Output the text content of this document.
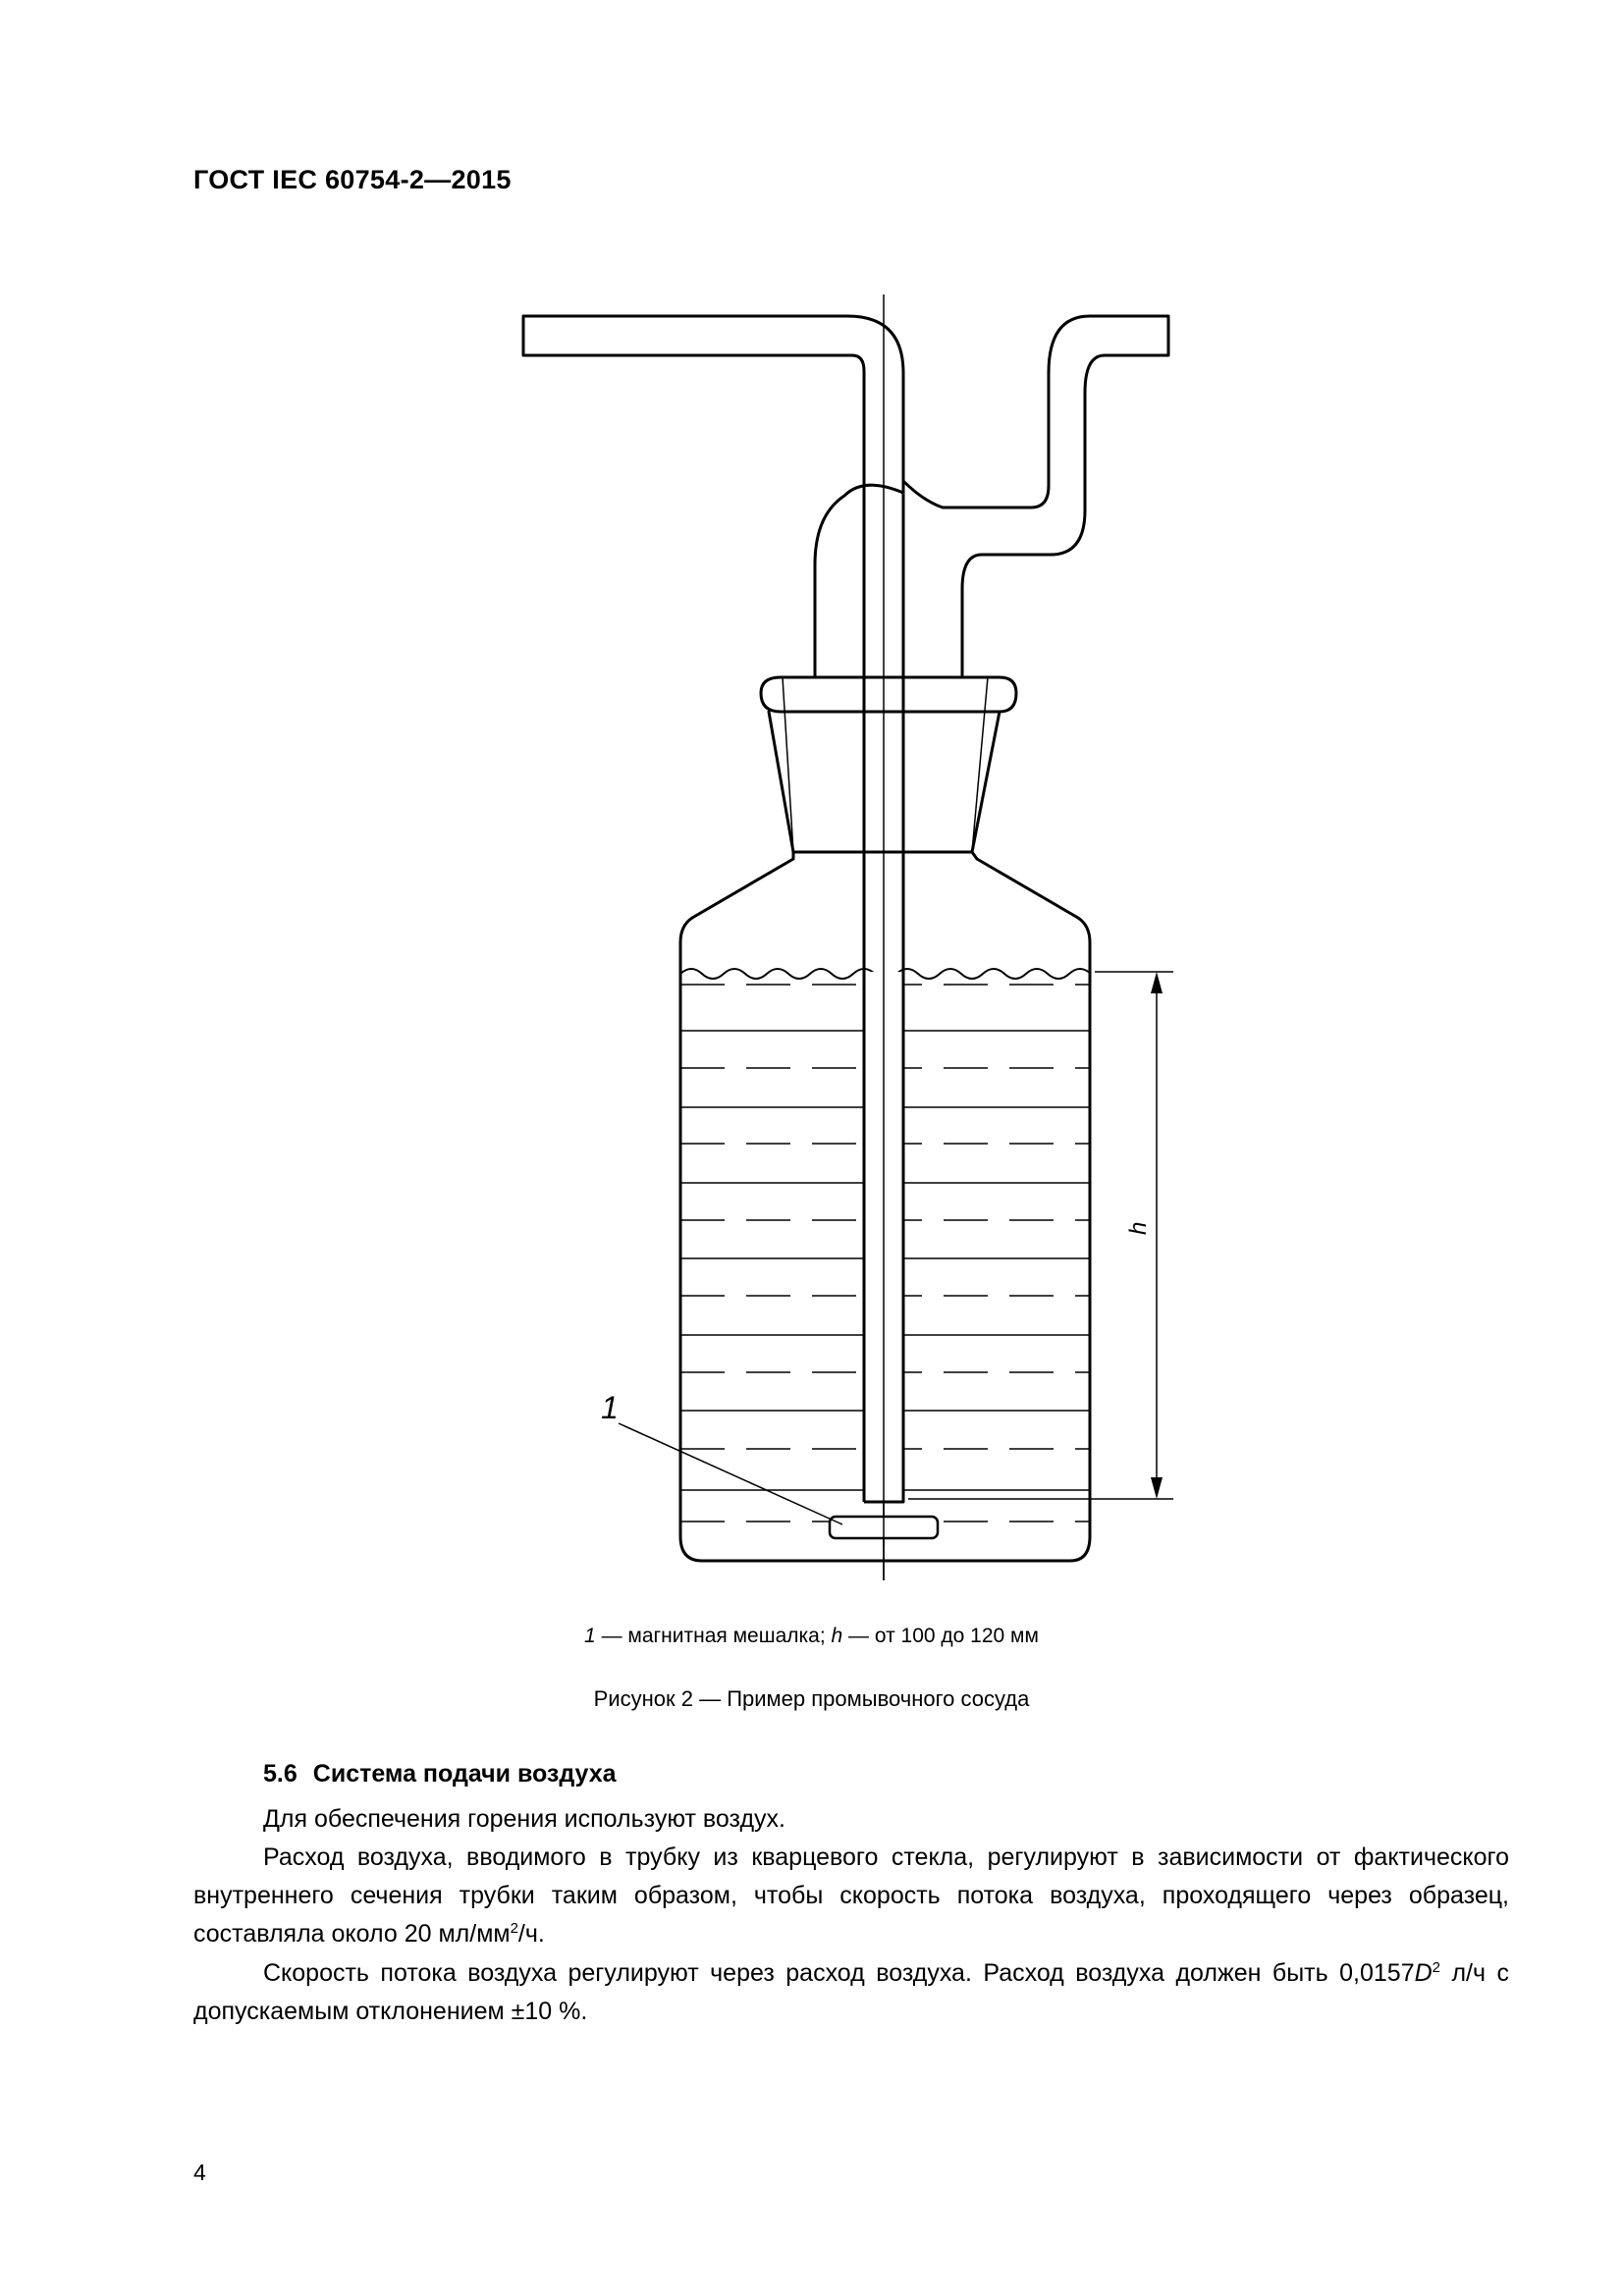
ГОСТ IEC 60754-2—2015
1
h
1 — магнитная мешалка; h — от 100 до 120 мм
Рисунок 2 — Пример промывочного сосуда
5.6 Система подачи воздуха
Для обеспечения горения используют воздух.
Расход воздуха, вводимого в трубку из кварцевого стекла, регулируют в зависимости от фактического внутреннего сечения трубки таким образом, чтобы скорость потока воздуха, проходящего через образец, составляла около 20 $мл/мм^2/ч$.
Скорость потока воздуха регулируют через расход воздуха. Расход воздуха должен быть $0,0157D^2$ л/ч с допускаемым отклонением ±10 %.
4
